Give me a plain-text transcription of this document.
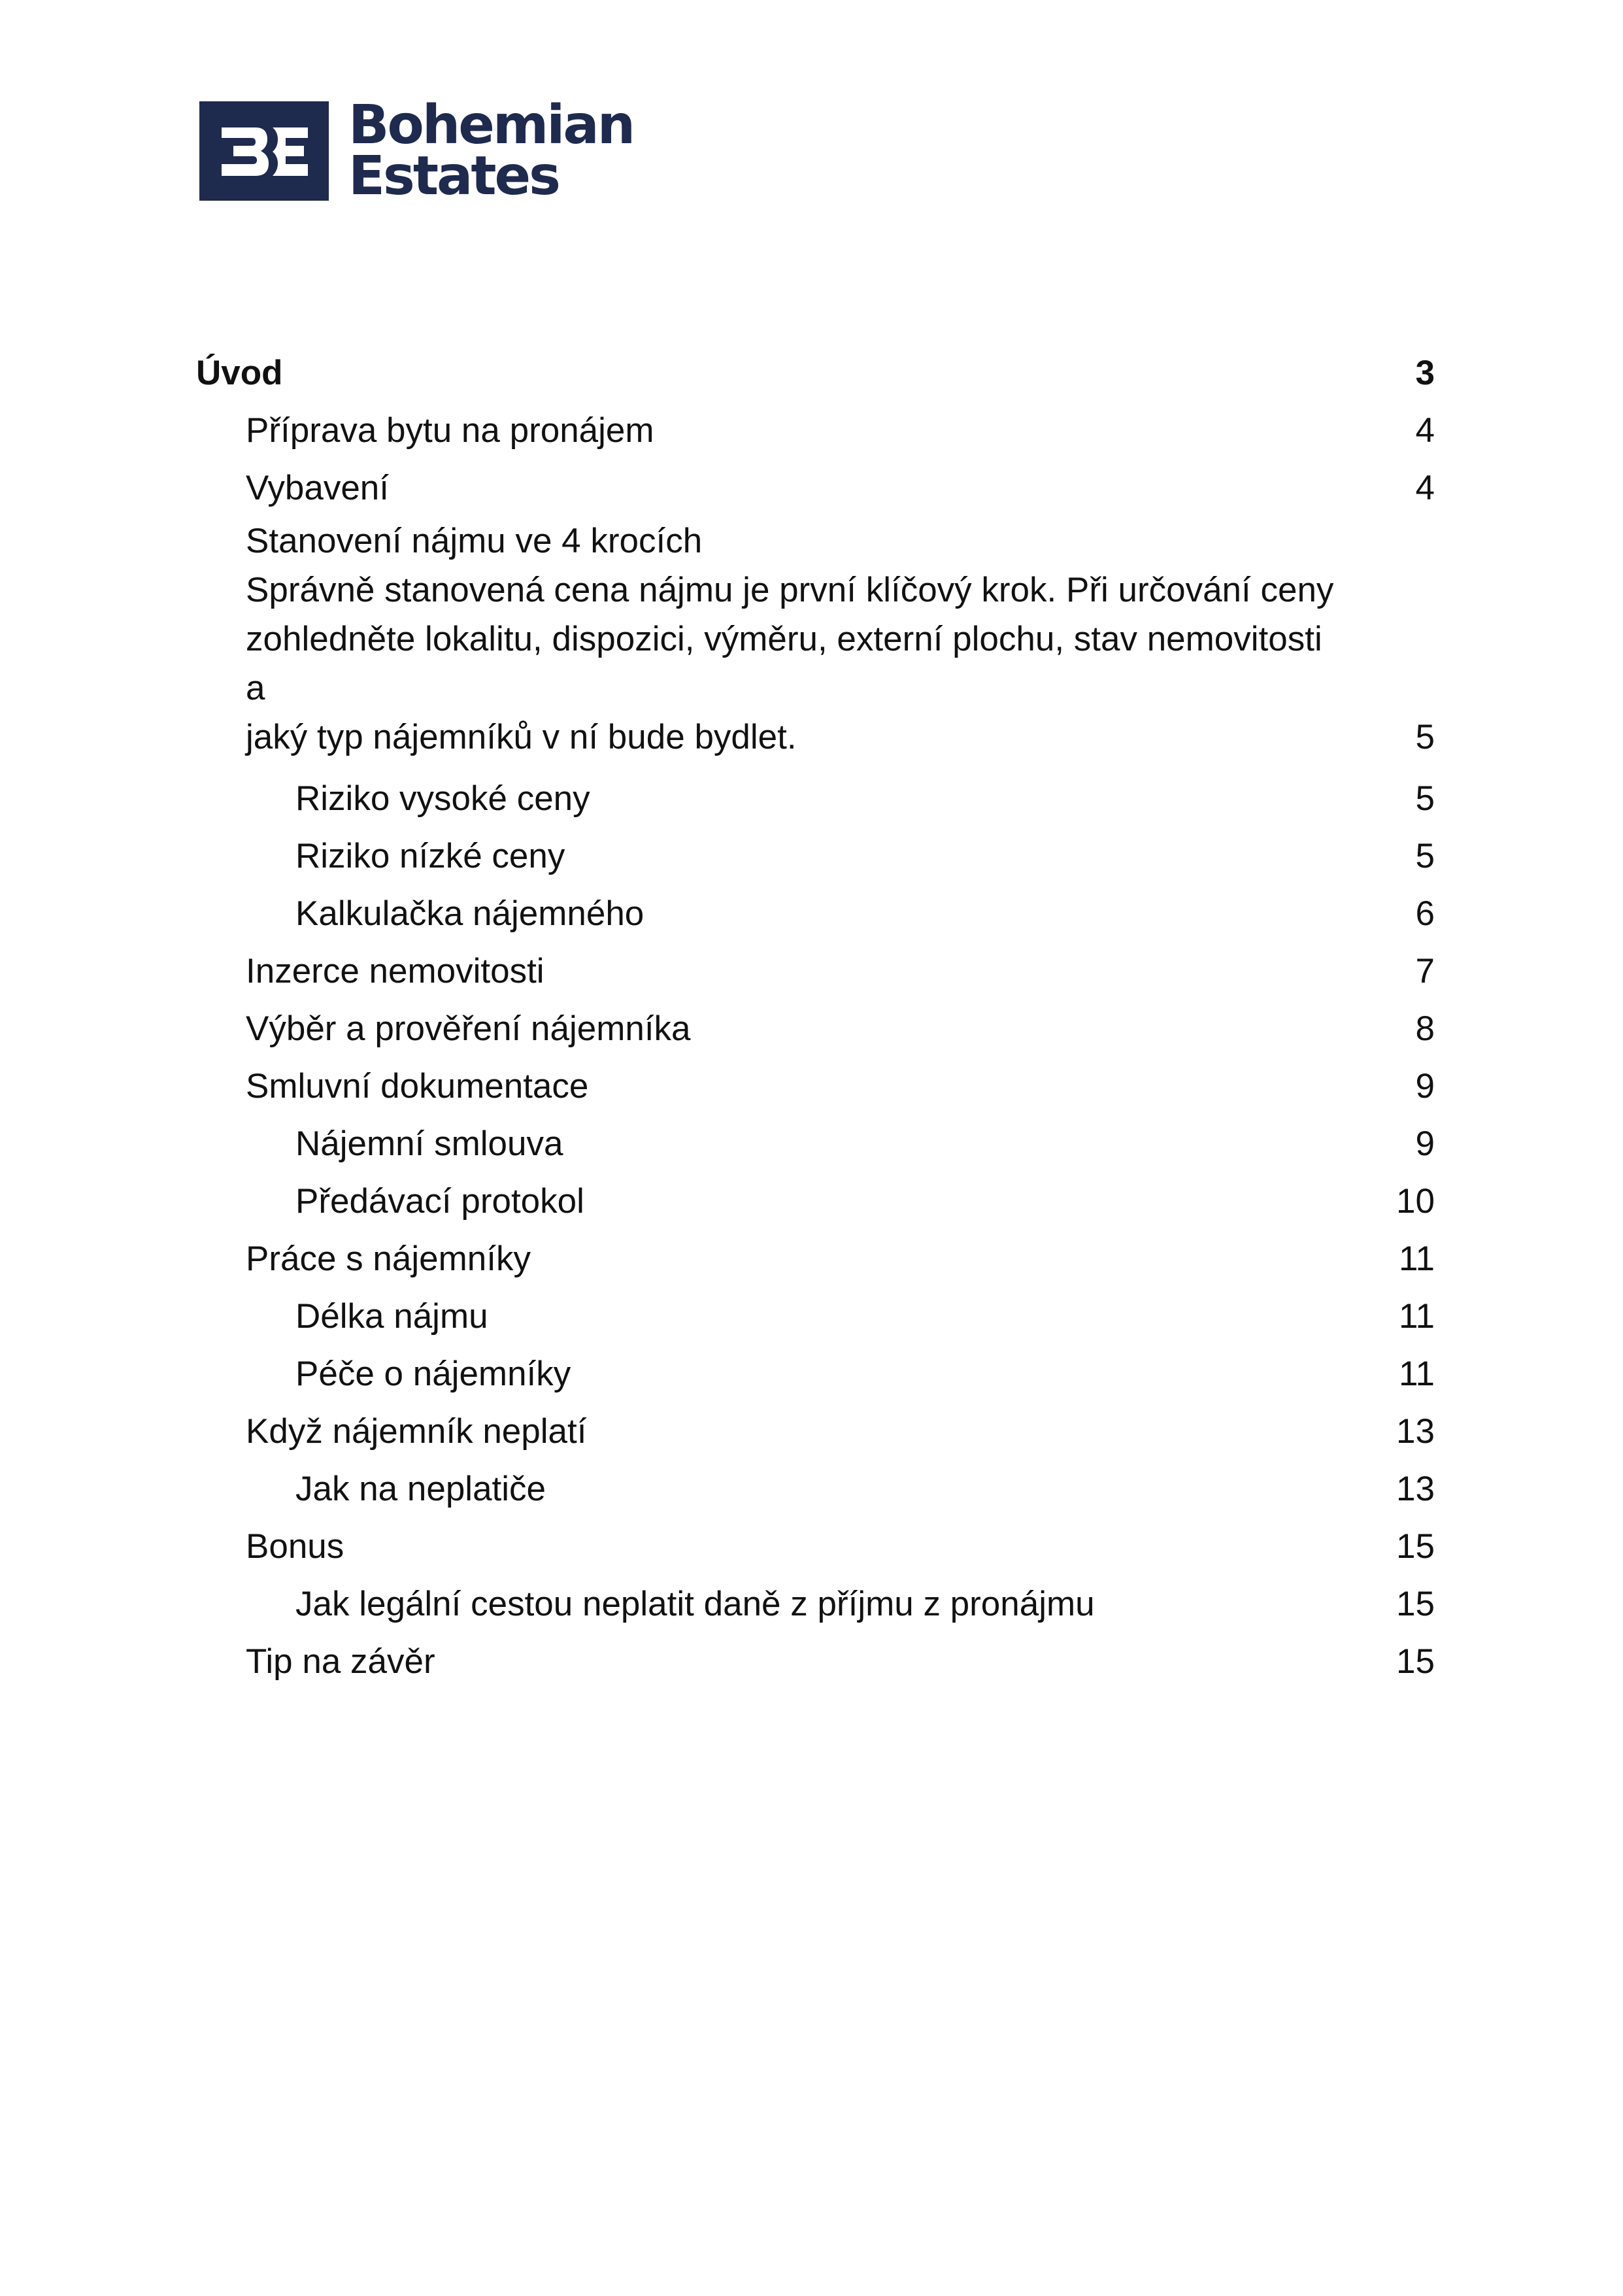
Bohemian
Estates
Úvod	3
Příprava bytu na pronájem	4
Vybavení	4
Stanovení nájmu ve 4 krocích
Správně stanovená cena nájmu je první klíčový krok. Při určování ceny
zohledněte lokalitu, dispozici, výměru, externí plochu, stav nemovitosti a
jaký typ nájemníků v ní bude bydlet.	5
Riziko vysoké ceny	5
Riziko nízké ceny	5
Kalkulačka nájemného	6
Inzerce nemovitosti	7
Výběr a prověření nájemníka	8
Smluvní dokumentace	9
Nájemní smlouva	9
Předávací protokol	10
Práce s nájemníky	11
Délka nájmu	11
Péče o nájemníky	11
Když nájemník neplatí	13
Jak na neplatiče	13
Bonus	15
Jak legální cestou neplatit daně z příjmu z pronájmu	15
Tip na závěr	15
